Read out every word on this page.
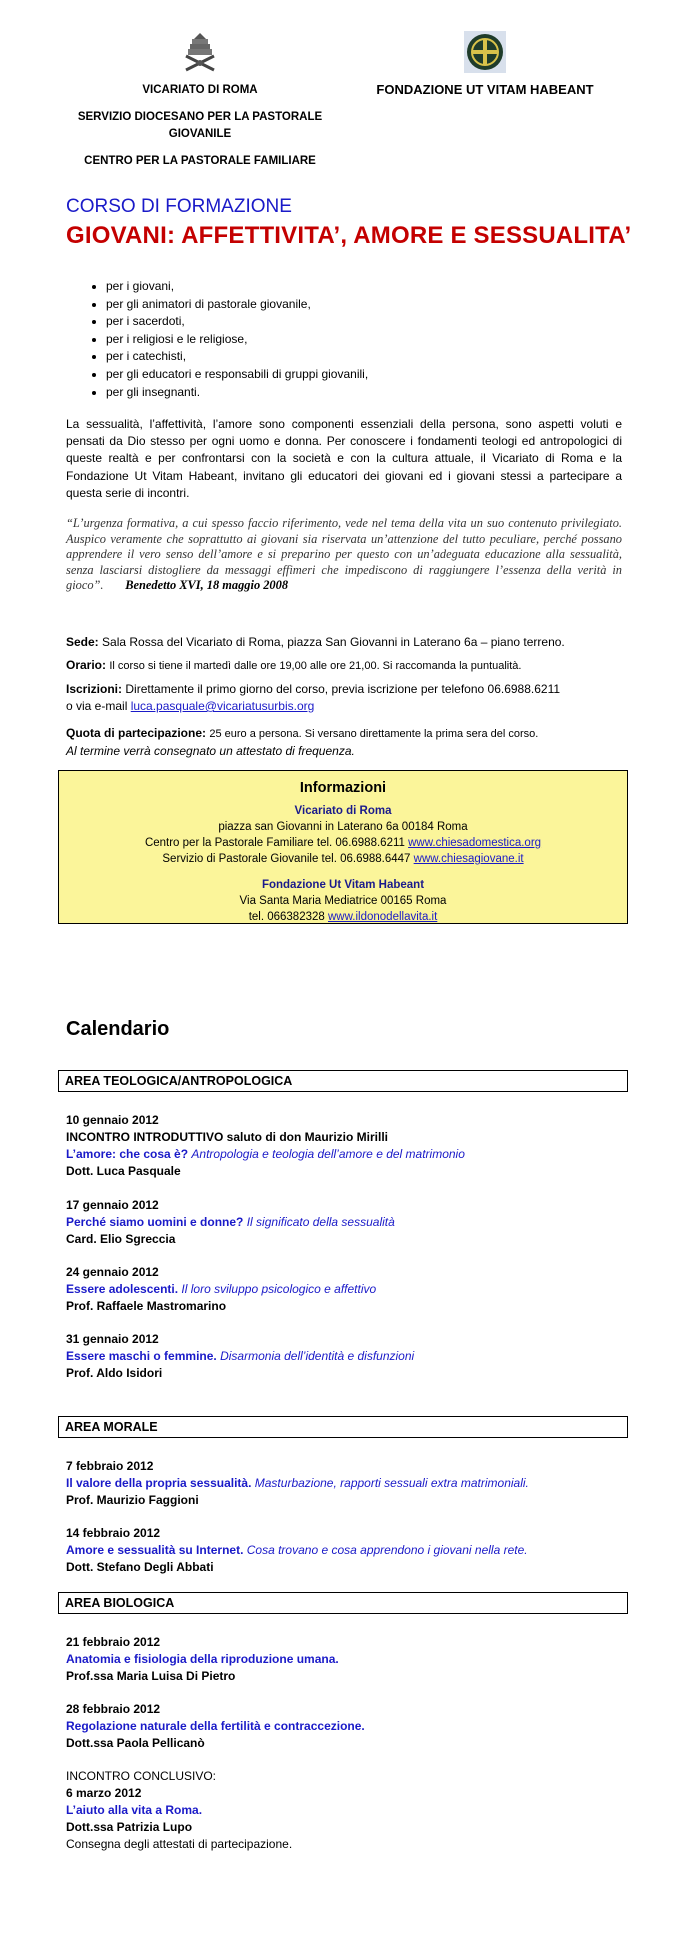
VICARIATO DI ROMA

SERVIZIO DIOCESANO PER LA PASTORALE GIOVANILE

CENTRO PER LA PASTORALE FAMILIARE

FONDAZIONE UT VITAM HABEANT
CORSO DI FORMAZIONE
GIOVANI: AFFETTIVITA’, AMORE E SESSUALITA’
• per i giovani,
• per gli animatori di pastorale giovanile,
• per i sacerdoti,
• per i religiosi e le religiose,
• per i catechisti,
• per gli educatori e responsabili di gruppi giovanili,
• per gli insegnanti.

La sessualità, l’affettività, l’amore sono componenti essenziali della persona, sono aspetti voluti e pensati da Dio stesso per ogni uomo e donna. Per conoscere i fondamenti teologi ed antropologici di queste realtà e per confrontarsi con la società e con la cultura attuale, il Vicariato di Roma e la Fondazione Ut Vitam Habeant, invitano gli educatori dei giovani ed i giovani stessi a partecipare a questa serie di incontri.

“L’urgenza formativa, a cui spesso faccio riferimento, vede nel tema della vita un suo contenuto privilegiato. Auspico veramente che soprattutto ai giovani sia riservata un’attenzione del tutto peculiare, perché possano apprendere il vero senso dell’amore e si preparino per questo con un’adeguata educazione alla sessualità, senza lasciarsi distogliere da messaggi effimeri che impediscono di raggiungere l’essenza della verità in gioco”. Benedetto XVI, 18 maggio 2008

Sede: Sala Rossa del Vicariato di Roma, piazza San Giovanni in Laterano 6a – piano terreno.

Orario: Il corso si tiene il martedì dalle ore 19,00 alle ore 21,00. Si raccomanda la puntualità.

Iscrizioni: Direttamente il primo giorno del corso, previa iscrizione per telefono 06.6988.6211
o via e-mail luca.pasquale@vicariatusurbis.org

Quota di partecipazione: 25 euro a persona. Si versano direttamente la prima sera del corso.
Al termine verrà consegnato un attestato di frequenza.

Informazioni
Vicariato di Roma
piazza san Giovanni in Laterano 6a 00184 Roma
Centro per la Pastorale Familiare tel. 06.6988.6211 www.chiesadomestica.org
Servizio di Pastorale Giovanile tel. 06.6988.6447 www.chiesagiovane.it
Fondazione Ut Vitam Habeant
Via Santa Maria Mediatrice 00165 Roma
tel. 066382328 www.ildonodellavita.it
Calendario
AREA TEOLOGICA/ANTROPOLOGICA
10 gennaio 2012
INCONTRO INTRODUTTIVO saluto di don Maurizio Mirilli
L’amore: che cosa è? Antropologia e teologia dell’amore e del matrimonio
Dott. Luca Pasquale
17 gennaio 2012
Perché siamo uomini e donne? Il significato della sessualità
Card. Elio Sgreccia
24 gennaio 2012
Essere adolescenti. Il loro sviluppo psicologico e affettivo
Prof. Raffaele Mastromarino
31 gennaio 2012
Essere maschi o femmine. Disarmonia dell’identità e disfunzioni
Prof. Aldo Isidori
AREA MORALE
7 febbraio 2012
Il valore della propria sessualità. Masturbazione, rapporti sessuali extra matrimoniali.
Prof. Maurizio Faggioni
14 febbraio 2012
Amore e sessualità su Internet. Cosa trovano e cosa apprendono i giovani nella rete.
Dott. Stefano Degli Abbati
AREA BIOLOGICA
21 febbraio 2012
Anatomia e fisiologia della riproduzione umana.
Prof.ssa Maria Luisa Di Pietro
28 febbraio 2012
Regolazione naturale della fertilità e contraccezione.
Dott.ssa Paola Pellicanò
INCONTRO CONCLUSIVO:
6 marzo 2012
L’aiuto alla vita a Roma.
Dott.ssa Patrizia Lupo
Consegna degli attestati di partecipazione.
